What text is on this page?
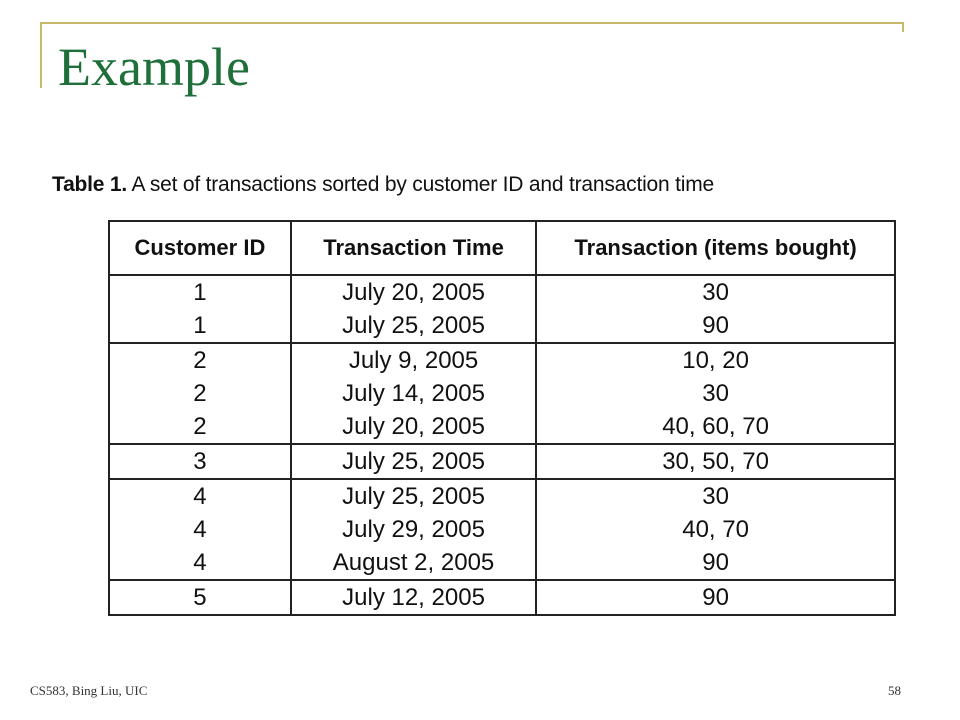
Example
Table 1. A set of transactions sorted by customer ID and transaction time
Customer ID	Transaction Time	Transaction (items bought)
1	July 20, 2005	30
1	July 25, 2005	90
2	July 9, 2005	10, 20
2	July 14, 2005	30
2	July 20, 2005	40, 60, 70
3	July 25, 2005	30, 50, 70
4	July 25, 2005	30
4	July 29, 2005	40, 70
4	August 2, 2005	90
5	July 12, 2005	90
CS583, Bing Liu, UIC	58
